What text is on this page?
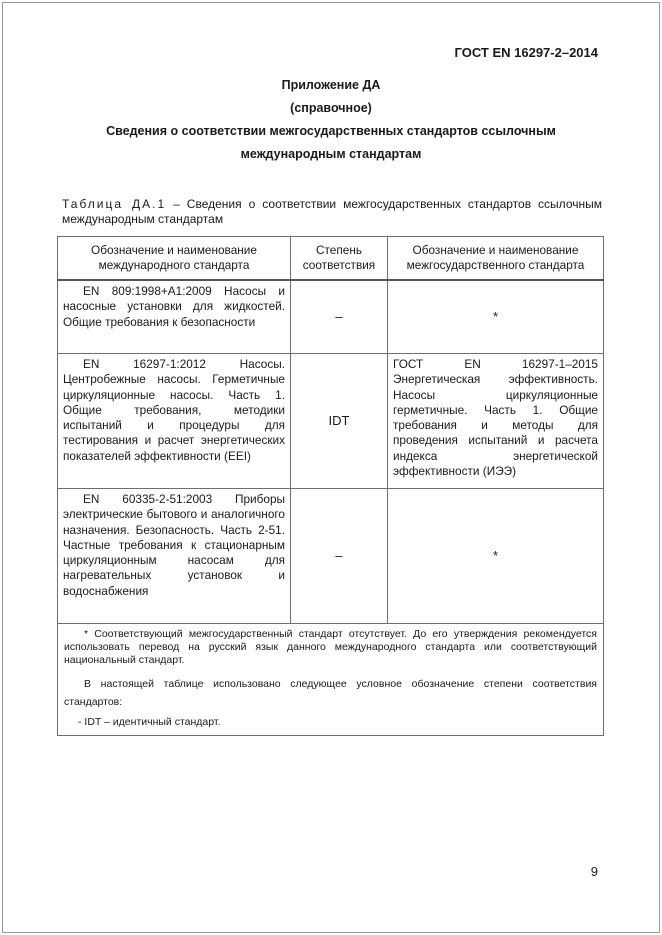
ГОСТ EN 16297-2–2014
Приложение ДА
(справочное)
Сведения о соответствии межгосударственных стандартов ссылочным
международным стандартам
Таблица ДА.1 – Сведения о соответствии межгосударственных стандартов ссылочным международным стандартам
Обозначение и наименование международного стандарта	Степень соответствия	Обозначение и наименование межгосударственного стандарта
EN 809:1998+A1:2009 Насосы и насосные установки для жидкостей. Общие требования к безопасности	–	*
EN 16297-1:2012 Насосы. Центробежные насосы. Герметичные циркуляционные насосы. Часть 1. Общие требования, методики испытаний и процедуры для тестирования и расчет энергетических показателей эффективности (EEI)	IDT	ГОСТ EN 16297-1–2015 Энергетическая эффективность. Насосы циркуляционные герметичные. Часть 1. Общие требования и методы для проведения испытаний и расчета индекса энергетической эффективности (ИЭЭ)
EN 60335-2-51:2003 Приборы электрические бытового и аналогичного назначения. Безопасность. Часть 2-51. Частные требования к стационарным циркуляционным насосам для нагревательных установок и водоснабжения	–	*

* Соответствующий межгосударственный стандарт отсутствует. До его утверждения рекомендуется использовать перевод на русский язык данного международного стандарта или соответствующий национальный стандарт.

В настоящей таблице использовано следующее условное обозначение степени соответствия стандартов:

- IDT – идентичный стандарт.		

9
